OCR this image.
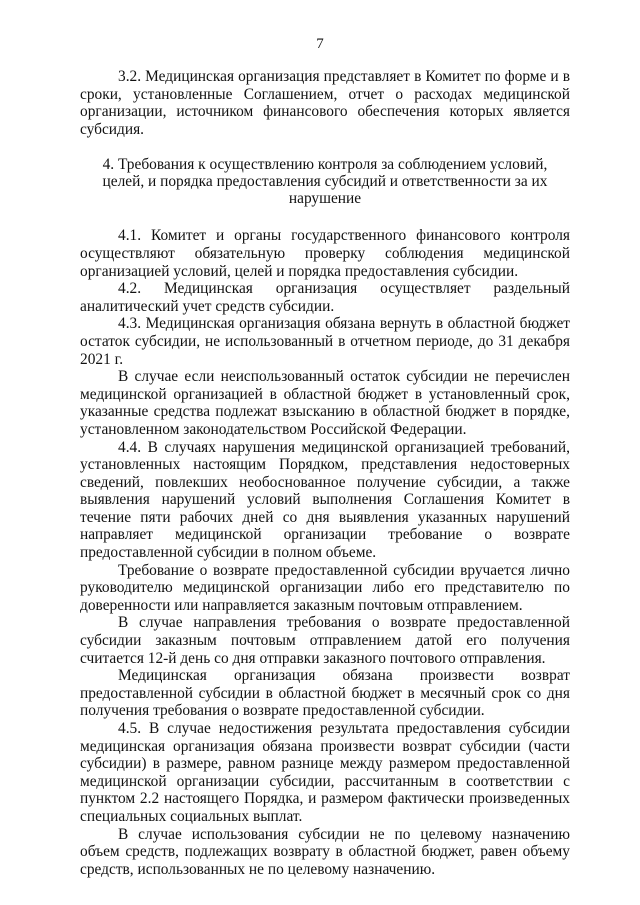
7

3.2. Медицинская организация представляет в Комитет по форме и в сроки, установленные Соглашением, отчет о расходах медицинской организации, источником финансового обеспечения которых является субсидия.

4. Требования к осуществлению контроля за соблюдением условий, целей, и порядка предоставления субсидий и ответственности за их нарушение

4.1. Комитет и органы государственного финансового контроля осуществляют обязательную проверку соблюдения медицинской организацией условий, целей и порядка предоставления субсидии.

4.2. Медицинская организация осуществляет раздельный аналитический учет средств субсидии.

4.3. Медицинская организация обязана вернуть в областной бюджет остаток субсидии, не использованный в отчетном периоде, до 31 декабря 2021 г.

В случае если неиспользованный остаток субсидии не перечислен медицинской организацией в областной бюджет в установленный срок, указанные средства подлежат взысканию в областной бюджет в порядке, установленном законодательством Российской Федерации.

4.4. В случаях нарушения медицинской организацией требований, установленных настоящим Порядком, представления недостоверных сведений, повлекших необоснованное получение субсидии, а также выявления нарушений условий выполнения Соглашения Комитет в течение пяти рабочих дней со дня выявления указанных нарушений направляет медицинской организации требование о возврате предоставленной субсидии в полном объеме.

Требование о возврате предоставленной субсидии вручается лично руководителю медицинской организации либо его представителю по доверенности или направляется заказным почтовым отправлением.

В случае направления требования о возврате предоставленной субсидии заказным почтовым отправлением датой его получения считается 12-й день со дня отправки заказного почтового отправления.

Медицинская организация обязана произвести возврат предоставленной субсидии в областной бюджет в месячный срок со дня получения требования о возврате предоставленной субсидии.

4.5. В случае недостижения результата предоставления субсидии медицинская организация обязана произвести возврат субсидии (части субсидии) в размере, равном разнице между размером предоставленной медицинской организации субсидии, рассчитанным в соответствии с пунктом 2.2 настоящего Порядка, и размером фактически произведенных специальных социальных выплат.

В случае использования субсидии не по целевому назначению объем средств, подлежащих возврату в областной бюджет, равен объему средств, использованных не по целевому назначению.
